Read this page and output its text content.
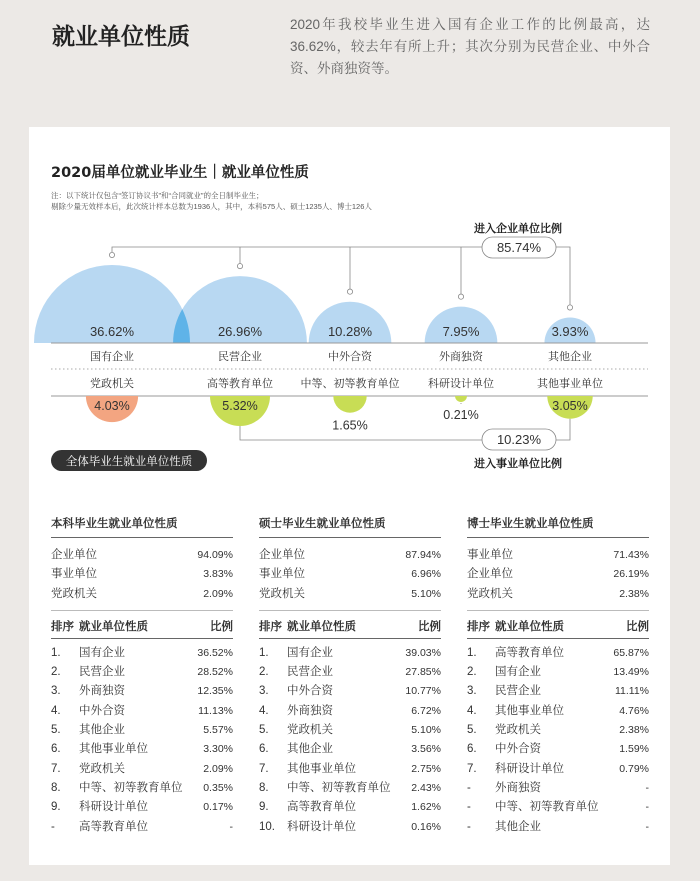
就业单位性质	2020年我校毕业生进入国有企业工作的比例最高，达36.62%，较去年有所上升；其次分别为民营企业、中外合资、外商独资等。
2020届单位就业毕业生｜就业单位性质
注：以下统计仅包含“签订协议书”和“合同就业”的全日制毕业生；
剔除少量无效样本后，此次统计样本总数为1936人，其中，本科575人、硕士1235人、博士126人
36.62%	26.96%	10.28%	7.95%	3.93%
国有企业	民营企业	中外合资	外商独资	其他企业
党政机关	高等教育单位	中等、初等教育单位	科研设计单位	其他事业单位
4.03%	5.32%
1.65%
0.21%
3.05%
85.74%
进入企业单位比例
10.23%
进入事业单位比例
全体毕业生就业单位性质
本科毕业生就业单位性质
企业单位	94.09%
事业单位	3.83%
党政机关	2.09%
排序 就业单位性质	比例
1.	国有企业	36.52%
2.	民营企业	28.52%
3.	外商独资	12.35%
4.	中外合资	11.13%
5.	其他企业	5.57%
6.	其他事业单位	3.30%
7.	党政机关	2.09%
8.	中等、初等教育单位	0.35%
9.	科研设计单位	0.17%
-	高等教育单位	-
硕士毕业生就业单位性质
企业单位	87.94%
事业单位	6.96%
党政机关	5.10%
排序 就业单位性质	比例
1.	国有企业	39.03%
2.	民营企业	27.85%
3.	中外合资	10.77%
4.	外商独资	6.72%
5.	党政机关	5.10%
6.	其他企业	3.56%
7.	其他事业单位	2.75%
8.	中等、初等教育单位	2.43%
9.	高等教育单位	1.62%
10.	科研设计单位	0.16%
博士毕业生就业单位性质
事业单位	71.43%
企业单位	26.19%
党政机关	2.38%
排序 就业单位性质	比例
1.	高等教育单位	65.87%
2.	国有企业	13.49%
3.	民营企业	11.11%
4.	其他事业单位	4.76%
5.	党政机关	2.38%
6.	中外合资	1.59%
7.	科研设计单位	0.79%
-	外商独资	-
-	中等、初等教育单位	-
-	其他企业	-
